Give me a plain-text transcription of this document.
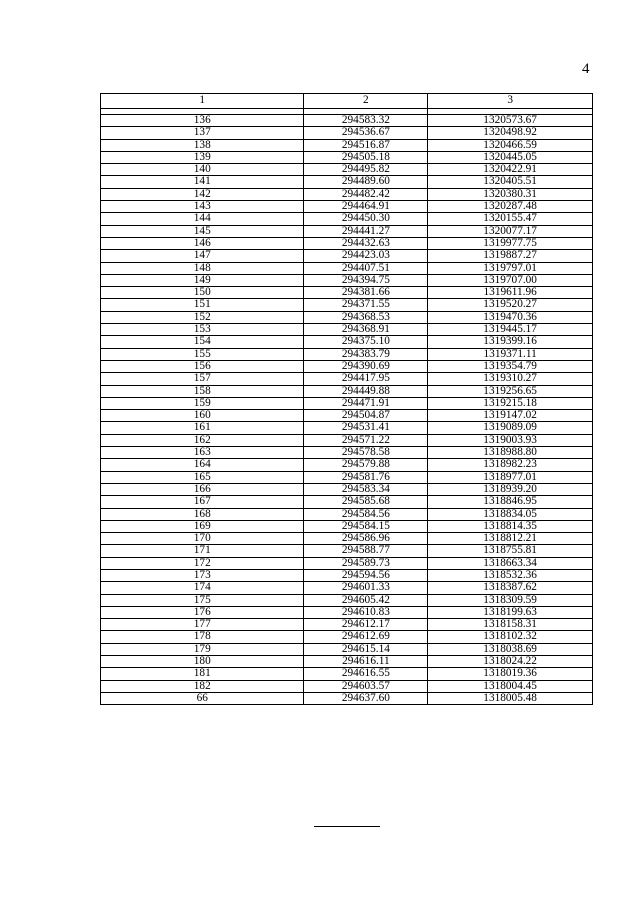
4
1	2	3

136	294583.32	1320573.67
137	294536.67	1320498.92
138	294516.87	1320466.59
139	294505.18	1320445.05
140	294495.82	1320422.91
141	294489.60	1320405.51
142	294482.42	1320380.31
143	294464.91	1320287.48
144	294450.30	1320155.47
145	294441.27	1320077.17
146	294432.63	1319977.75
147	294423.03	1319887.27
148	294407.51	1319797.01
149	294394.75	1319707.00
150	294381.66	1319611.96
151	294371.55	1319520.27
152	294368.53	1319470.36
153	294368.91	1319445.17
154	294375.10	1319399.16
155	294383.79	1319371.11
156	294390.69	1319354.79
157	294417.95	1319310.27
158	294449.88	1319256.65
159	294471.91	1319215.18
160	294504.87	1319147.02
161	294531.41	1319089.09
162	294571.22	1319003.93
163	294578.58	1318988.80
164	294579.88	1318982.23
165	294581.76	1318977.01
166	294583.34	1318939.20
167	294585.68	1318846.95
168	294584.56	1318834.05
169	294584.15	1318814.35
170	294586.96	1318812.21
171	294588.77	1318755.81
172	294589.73	1318663.34
173	294594.56	1318532.36
174	294601.33	1318387.62
175	294605.42	1318309.59
176	294610.83	1318199.63
177	294612.17	1318158.31
178	294612.69	1318102.32
179	294615.14	1318038.69
180	294616.11	1318024.22
181	294616.55	1318019.36
182	294603.57	1318004.45
66	294637.60	1318005.48
